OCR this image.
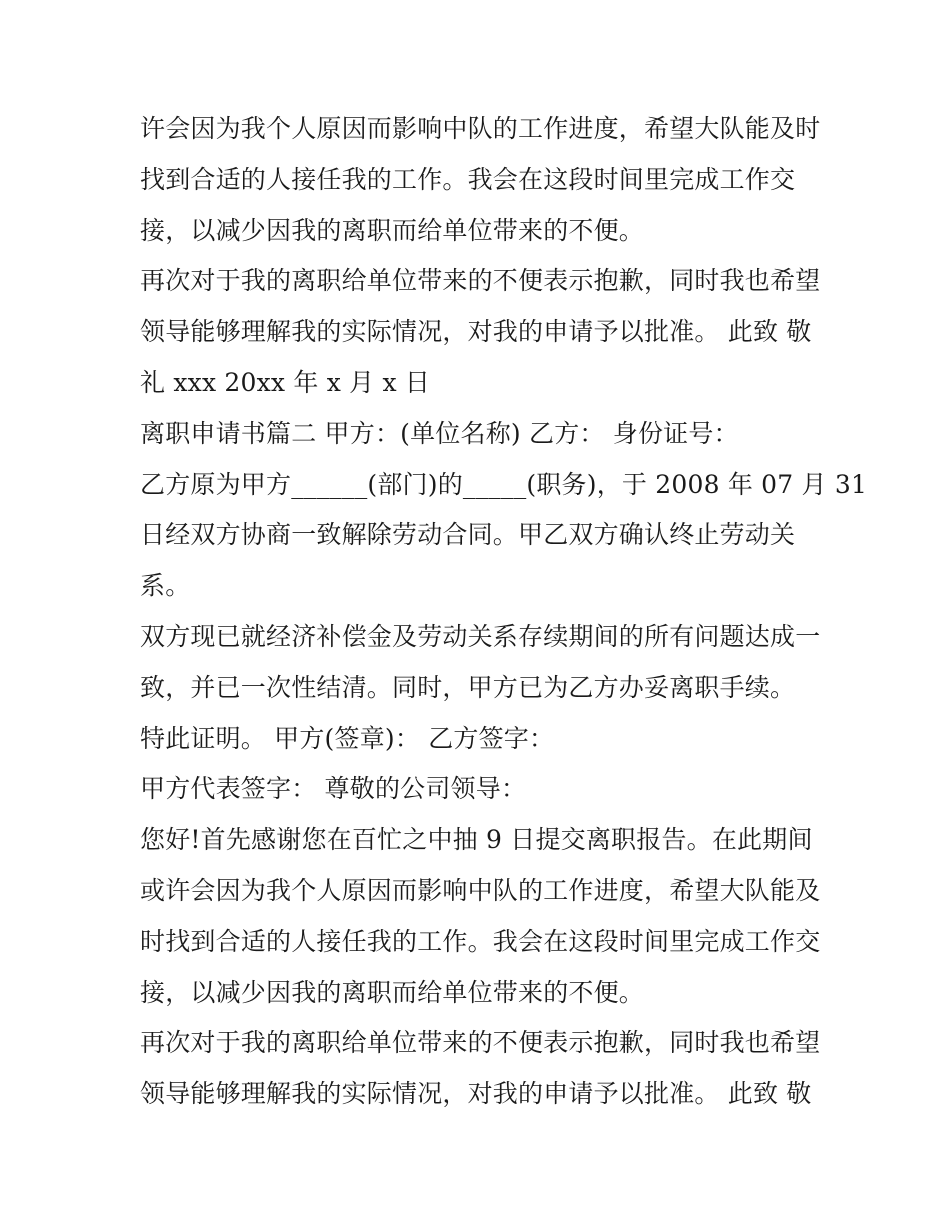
许会因为我个人原因而影响中队的工作进度，希望大队能及时
找到合适的人接任我的工作。我会在这段时间里完成工作交
接，以减少因我的离职而给单位带来的不便。
再次对于我的离职给单位带来的不便表示抱歉，同时我也希望
领导能够理解我的实际情况，对我的申请予以批准。 此致 敬
礼 xxx 20xx 年 x 月 x 日
离职申请书篇二 甲方：(单位名称) 乙方： 身份证号：
乙方原为甲方______(部门)的_____(职务)，于 2008 年 07 月 31
日经双方协商一致解除劳动合同。甲乙双方确认终止劳动关
系。
双方现已就经济补偿金及劳动关系存续期间的所有问题达成一
致，并已一次性结清。同时，甲方已为乙方办妥离职手续。
特此证明。 甲方(签章)： 乙方签字：
甲方代表签字： 尊敬的公司领导：
您好!首先感谢您在百忙之中抽 9 日提交离职报告。在此期间
或许会因为我个人原因而影响中队的工作进度，希望大队能及
时找到合适的人接任我的工作。我会在这段时间里完成工作交
接，以减少因我的离职而给单位带来的不便。
再次对于我的离职给单位带来的不便表示抱歉，同时我也希望
领导能够理解我的实际情况，对我的申请予以批准。 此致 敬
